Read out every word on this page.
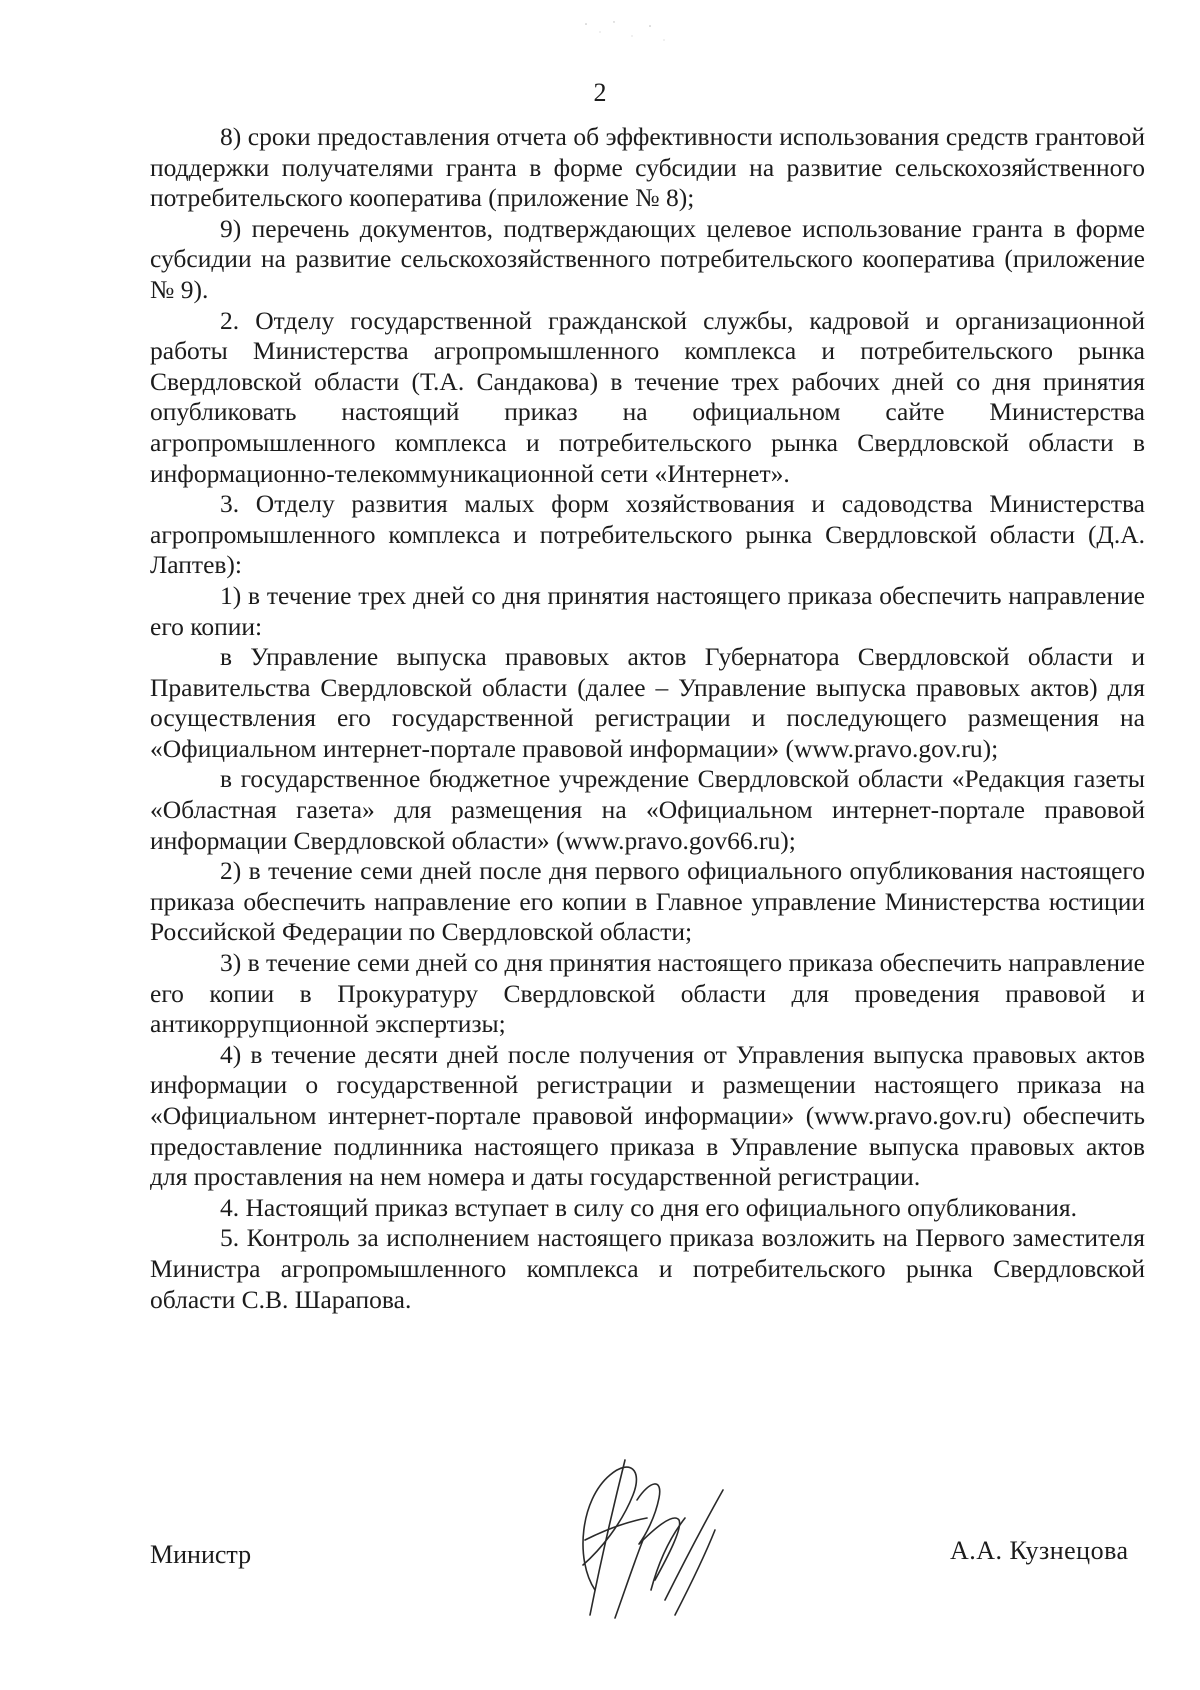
2

8) сроки предоставления отчета об эффективности использования средств грантовой поддержки получателями гранта в форме субсидии на развитие сельскохозяйственного потребительского кооператива (приложение № 8);

9) перечень документов, подтверждающих целевое использование гранта в форме субсидии на развитие сельскохозяйственного потребительского кооператива (приложение № 9).

2. Отделу государственной гражданской службы, кадровой и организационной работы Министерства агропромышленного комплекса и потребительского рынка Свердловской области (Т.А. Сандакова) в течение трех рабочих дней со дня принятия опубликовать настоящий приказ на официальном сайте Министерства агропромышленного комплекса и потребительского рынка Свердловской области в информационно-телекоммуникационной сети «Интернет».

3. Отделу развития малых форм хозяйствования и садоводства Министерства агропромышленного комплекса и потребительского рынка Свердловской области (Д.А. Лаптев):

1) в течение трех дней со дня принятия настоящего приказа обеспечить направление его копии:

в Управление выпуска правовых актов Губернатора Свердловской области и Правительства Свердловской области (далее – Управление выпуска правовых актов) для осуществления его государственной регистрации и последующего размещения на «Официальном интернет-портале правовой информации» (www.pravo.gov.ru);

в государственное бюджетное учреждение Свердловской области «Редакция газеты «Областная газета» для размещения на «Официальном интернет-портале правовой информации Свердловской области» (www.pravo.gov66.ru);

2) в течение семи дней после дня первого официального опубликования настоящего приказа обеспечить направление его копии в Главное управление Министерства юстиции Российской Федерации по Свердловской области;

3) в течение семи дней со дня принятия настоящего приказа обеспечить направление его копии в Прокуратуру Свердловской области для проведения правовой и антикоррупционной экспертизы;

4) в течение десяти дней после получения от Управления выпуска правовых актов информации о государственной регистрации и размещении настоящего приказа на «Официальном интернет-портале правовой информации» (www.pravo.gov.ru) обеспечить предоставление подлинника настоящего приказа в Управление выпуска правовых актов для проставления на нем номера и даты государственной регистрации.

4. Настоящий приказ вступает в силу со дня его официального опубликования.

5. Контроль за исполнением настоящего приказа возложить на Первого заместителя Министра агропромышленного комплекса и потребительского рынка Свердловской области С.В. Шарапова.

Министр	А.А. Кузнецова
